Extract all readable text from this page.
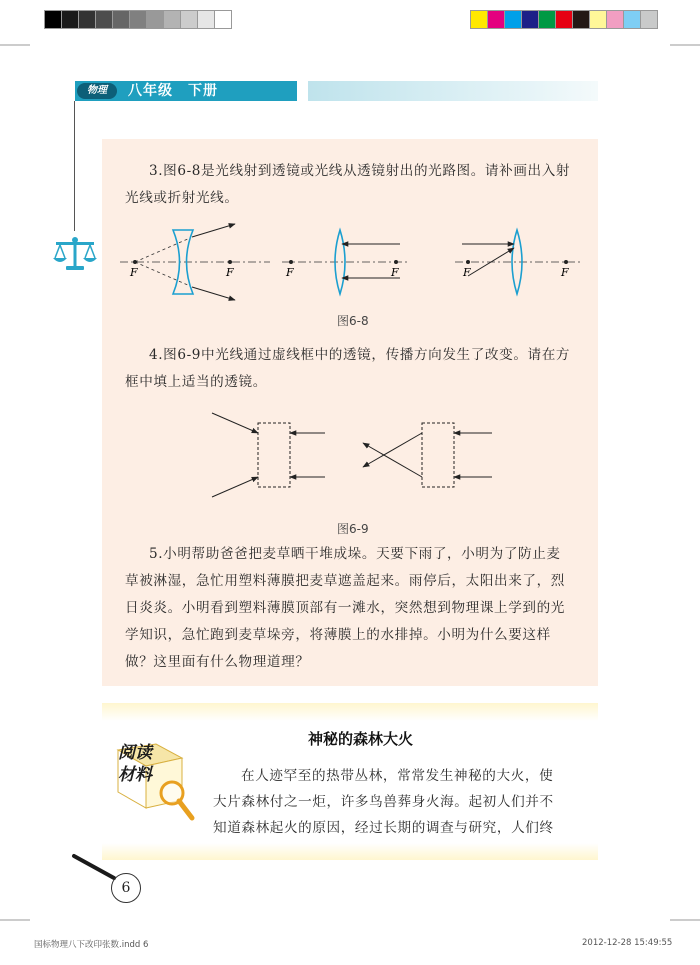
物理	八年级　下册
3.图6-8是光线射到透镜或光线从透镜射出的光路图。请补画出入射
光线或折射光线。
F	F	F	F	F	F
图6-8
4.图6-9中光线通过虚线框中的透镜，传播方向发生了改变。请在方
框中填上适当的透镜。
图6-9
5.小明帮助爸爸把麦草晒干堆成垛。天要下雨了，小明为了防止麦
草被淋湿，急忙用塑料薄膜把麦草遮盖起来。雨停后，太阳出来了，烈
日炎炎。小明看到塑料薄膜顶部有一滩水，突然想到物理课上学到的光
学知识，急忙跑到麦草垛旁，将薄膜上的水排掉。小明为什么要这样
做？这里面有什么物理道理？
阅读
材料
神秘的森林大火
在人迹罕至的热带丛林，常常发生神秘的大火，使
大片森林付之一炬，许多鸟兽葬身火海。起初人们并不
知道森林起火的原因，经过长期的调查与研究，人们终
6
国标物理八下改印张数.indd 6	2012-12-28 15:49:55
